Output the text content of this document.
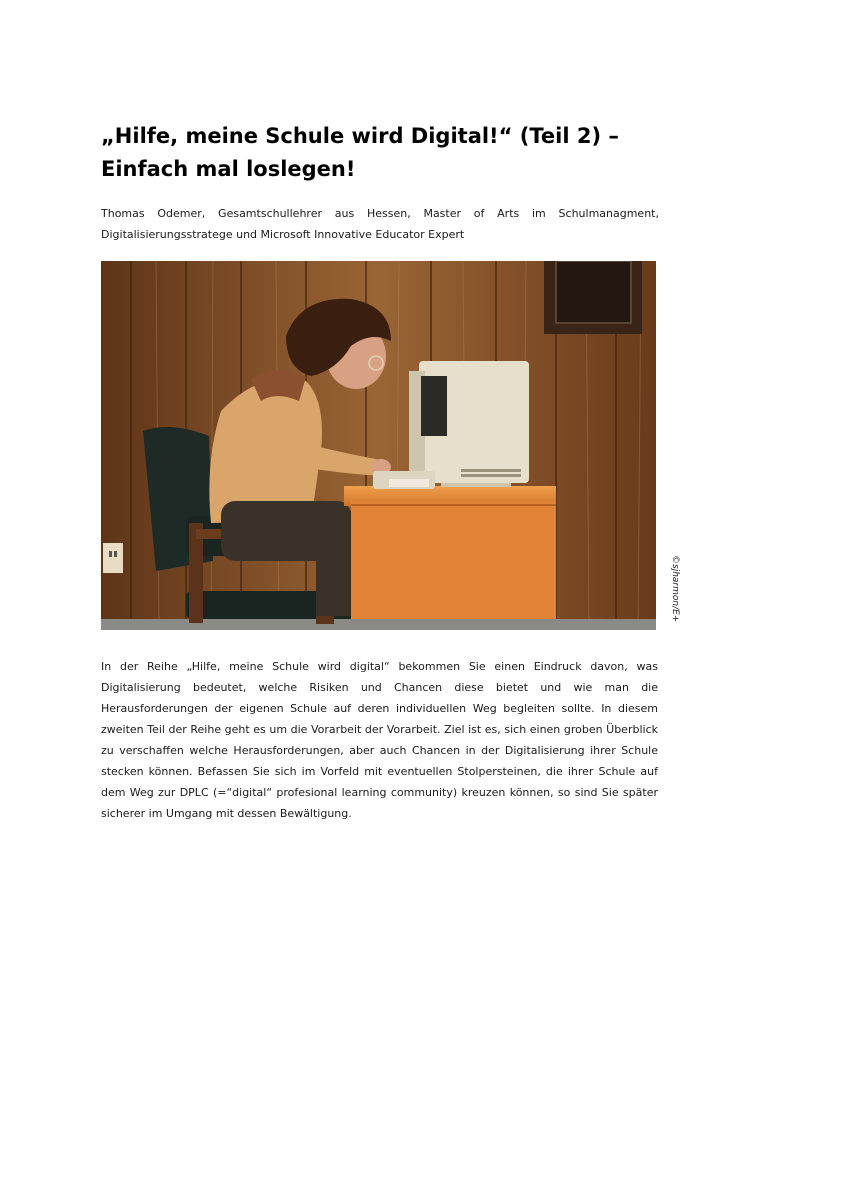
„Hilfe, meine Schule wird Digital!“ (Teil 2) – Einfach mal loslegen!

Thomas Odemer, Gesamtschullehrer aus Hessen, Master of Arts im Schulmanagment, Digitalisierungsstratege und Microsoft Innovative Educator Expert

©sjharmon/E+

In der Reihe „Hilfe, meine Schule wird digital“ bekommen Sie einen Eindruck davon, was Digitalisierung bedeutet, welche Risiken und Chancen diese bietet und wie man die Herausforderungen der eigenen Schule auf deren individuellen Weg begleiten sollte. In diesem zweiten Teil der Reihe geht es um die Vorarbeit der Vorarbeit. Ziel ist es, sich einen groben Überblick zu verschaffen welche Herausforderungen, aber auch Chancen in der Digitalisierung ihrer Schule stecken können. Befassen Sie sich im Vorfeld mit eventuellen Stolpersteinen, die ihrer Schule auf dem Weg zur DPLC (=“digital“ profesional learning community) kreuzen können, so sind Sie später sicherer im Umgang mit dessen Bewältigung.
